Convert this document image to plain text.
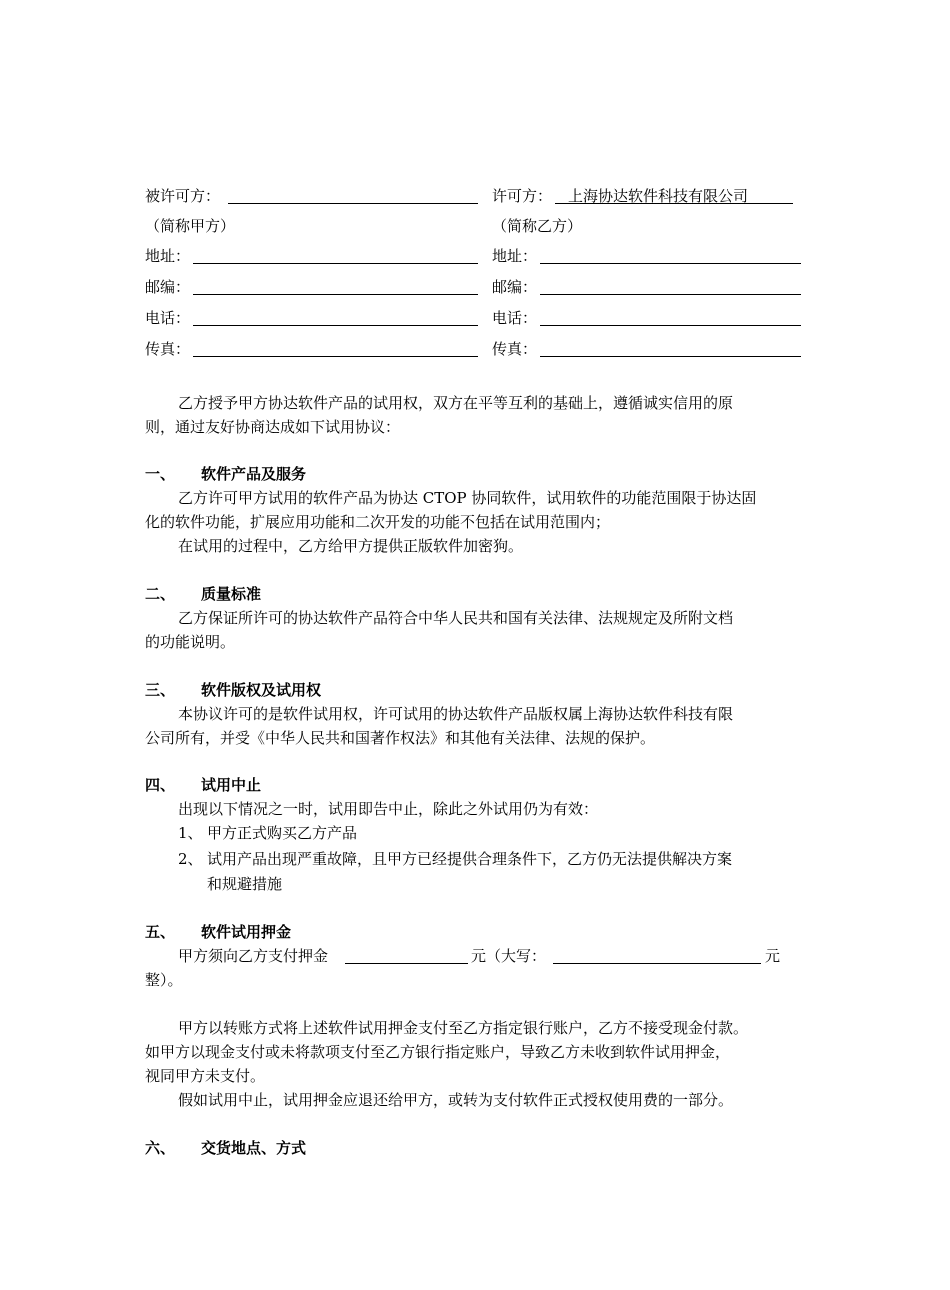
被许可方：	许可方： 上海协达软件科技有限公司
（简称甲方）	（简称乙方）
地址：	地址：
邮编：	邮编：
电话：	电话：
传真：	传真：
乙方授予甲方协达软件产品的试用权，双方在平等互利的基础上，遵循诚实信用的原
则，通过友好协商达成如下试用协议：
一、 软件产品及服务
乙方许可甲方试用的软件产品为协达 CTOP 协同软件，试用软件的功能范围限于协达固
化的软件功能，扩展应用功能和二次开发的功能不包括在试用范围内；
在试用的过程中，乙方给甲方提供正版软件加密狗。
二、 质量标准
乙方保证所许可的协达软件产品符合中华人民共和国有关法律、法规规定及所附文档
的功能说明。
三、 软件版权及试用权
本协议许可的是软件试用权，许可试用的协达软件产品版权属上海协达软件科技有限
公司所有，并受《中华人民共和国著作权法》和其他有关法律、法规的保护。
四、 试用中止
出现以下情况之一时，试用即告中止，除此之外试用仍为有效：
1、 甲方正式购买乙方产品
2、 试用产品出现严重故障，且甲方已经提供合理条件下，乙方仍无法提供解决方案
和规避措施
五、 软件试用押金
甲方须向乙方支付押金	元（大写：	元
整）。
甲方以转账方式将上述软件试用押金支付至乙方指定银行账户，乙方不接受现金付款。
如甲方以现金支付或未将款项支付至乙方银行指定账户，导致乙方未收到软件试用押金，
视同甲方未支付。
假如试用中止，试用押金应退还给甲方，或转为支付软件正式授权使用费的一部分。
六、 交货地点、方式
